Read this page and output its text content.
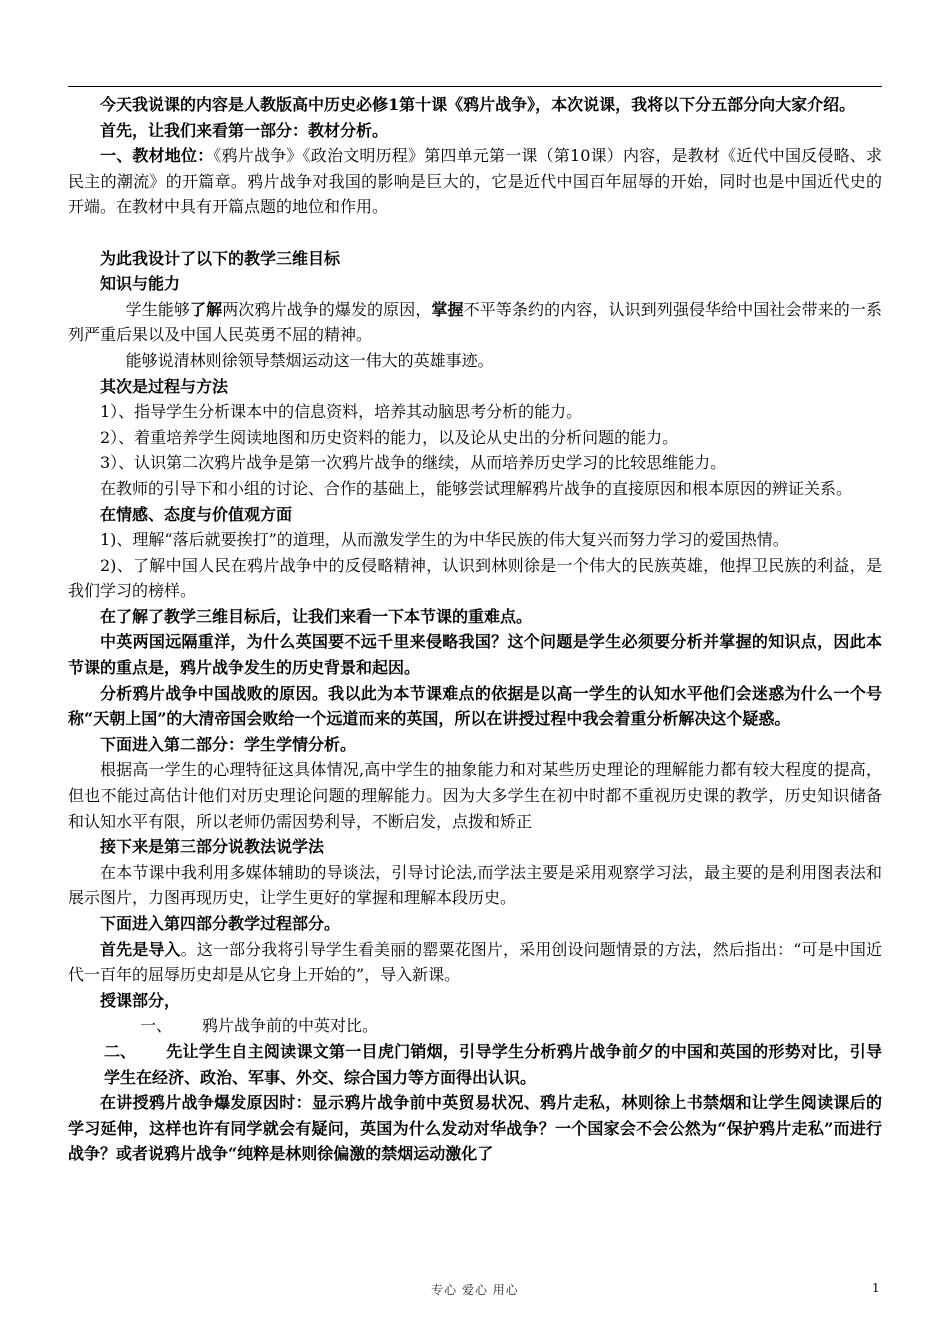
今天我说课的内容是人教版高中历史必修1第十课《鸦片战争》，本次说课，我将以下分五部分向大家介绍。

首先，让我们来看第一部分：教材分析。

一、教材地位：《鸦片战争》《政治文明历程》第四单元第一课（第10课）内容，是教材《近代中国反侵略、求民主的潮流》的开篇章。鸦片战争对我国的影响是巨大的，它是近代中国百年屈辱的开始，同时也是中国近代史的开端。在教材中具有开篇点题的地位和作用。

为此我设计了以下的教学三维目标

知识与能力

学生能够了解两次鸦片战争的爆发的原因，掌握不平等条约的内容，认识到列强侵华给中国社会带来的一系列严重后果以及中国人民英勇不屈的精神。

能够说清林则徐领导禁烟运动这一伟大的英雄事迹。

其次是过程与方法

1）、指导学生分析课本中的信息资料，培养其动脑思考分析的能力。

2）、着重培养学生阅读地图和历史资料的能力，以及论从史出的分析问题的能力。

3）、认识第二次鸦片战争是第一次鸦片战争的继续，从而培养历史学习的比较思维能力。

在教师的引导下和小组的讨论、合作的基础上，能够尝试理解鸦片战争的直接原因和根本原因的辨证关系。

在情感、态度与价值观方面

1)、理解“落后就要挨打”的道理，从而激发学生的为中华民族的伟大复兴而努力学习的爱国热情。

2)、了解中国人民在鸦片战争中的反侵略精神，认识到林则徐是一个伟大的民族英雄，他捍卫民族的利益，是我们学习的榜样。

在了解了教学三维目标后，让我们来看一下本节课的重难点。

中英两国远隔重洋，为什么英国要不远千里来侵略我国？这个问题是学生必须要分析并掌握的知识点，因此本节课的重点是，鸦片战争发生的历史背景和起因。

分析鸦片战争中国战败的原因。我以此为本节课难点的依据是以高一学生的认知水平他们会迷惑为什么一个号称“天朝上国”的大清帝国会败给一个远道而来的英国，所以在讲授过程中我会着重分析解决这个疑惑。

下面进入第二部分：学生学情分析。

根据高一学生的心理特征这具体情况,高中学生的抽象能力和对某些历史理论的理解能力都有较大程度的提高，但也不能过高估计他们对历史理论问题的理解能力。因为大多学生在初中时都不重视历史课的教学，历史知识储备和认知水平有限，所以老师仍需因势利导，不断启发，点拨和矫正

接下来是第三部分说教法说学法

在本节课中我利用多媒体辅助的导谈法，引导讨论法,而学法主要是采用观察学习法，最主要的是利用图表法和展示图片，力图再现历史，让学生更好的掌握和理解本段历史。

下面进入第四部分教学过程部分。

首先是导入。这一部分我将引导学生看美丽的罂粟花图片，采用创设问题情景的方法，然后指出：“可是中国近代一百年的屈辱历史却是从它身上开始的”，导入新课。

授课部分，

一、 鸦片战争前的中英对比。

二、 先让学生自主阅读课文第一目虎门销烟，引导学生分析鸦片战争前夕的中国和英国的形势对比，引导学生在经济、政治、军事、外交、综合国力等方面得出认识。

在讲授鸦片战争爆发原因时：显示鸦片战争前中英贸易状况、鸦片走私，林则徐上书禁烟和让学生阅读课后的学习延伸，这样也许有同学就会有疑问，英国为什么发动对华战争？一个国家会不会公然为“保护鸦片走私”而进行战争？或者说鸦片战争“纯粹是林则徐偏激的禁烟运动激化了

专心 爱心 用心	1
